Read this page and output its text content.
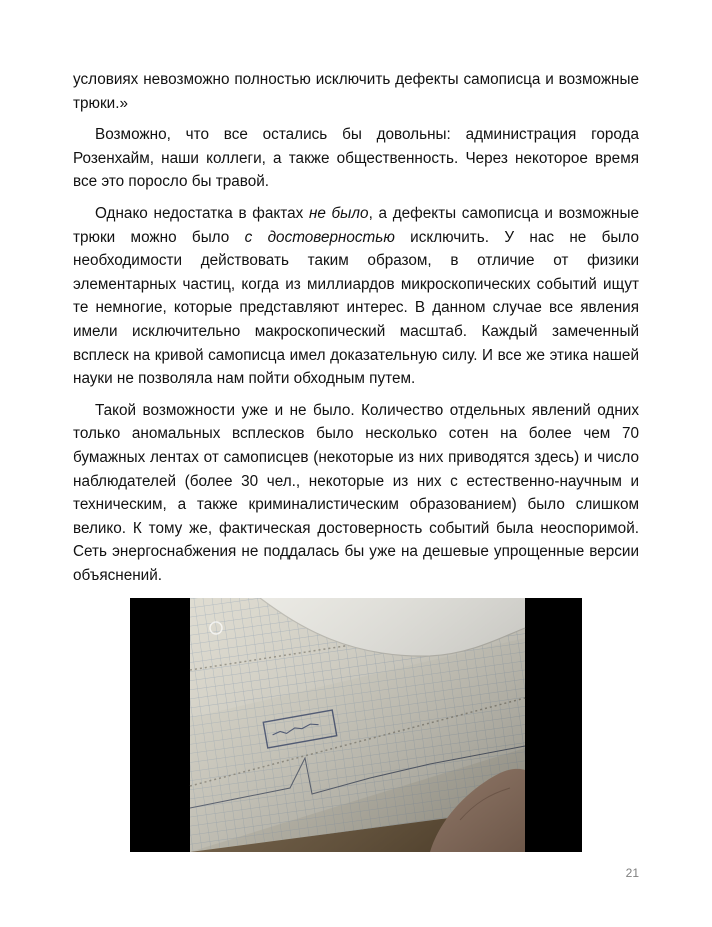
условиях невозможно полностью исключить дефекты самописца и возможные трюки.»

Возможно, что все остались бы довольны: администрация города Розенхайм, наши коллеги, а также общественность. Через некоторое время все это поросло бы травой.

Однако недостатка в фактах не было, а дефекты самописца и возможные трюки можно было с достоверностью исключить. У нас не было необходимости действовать таким образом, в отличие от физики элементарных частиц, когда из миллиардов микроскопических событий ищут те немногие, которые представляют интерес. В данном случае все явления имели исключительно макроскопический масштаб. Каждый замеченный всплеск на кривой самописца имел доказательную силу. И все же этика нашей науки не позволяла нам пойти обходным путем.

Такой возможности уже и не было. Количество отдельных явлений одних только аномальных всплесков было несколько сотен на более чем 70 бумажных лентах от самописцев (некоторые из них приводятся здесь) и число наблюдателей (более 30 чел., некоторые из них с естественно-научным и техническим, а также криминалистическим образованием) было слишком велико. К тому же, фактическая достоверность событий была неоспоримой. Сеть энергоснабжения не поддалась бы уже на дешевые упрощенные версии объяснений.

21
